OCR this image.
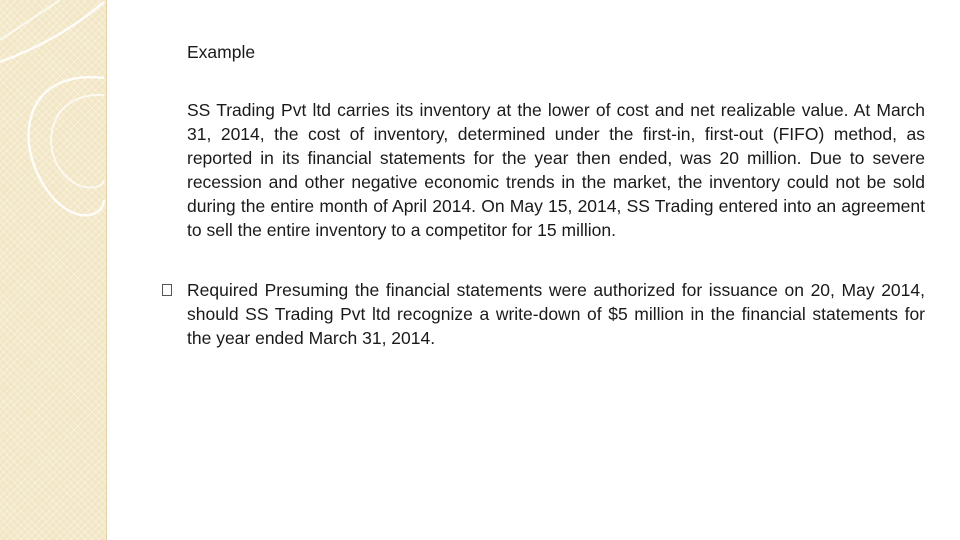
Example

SS Trading Pvt ltd carries its inventory at the lower of cost and net realizable value. At March 31, 2014, the cost of inventory, determined under the first-in, first-out (FIFO) method, as reported in its financial statements for the year then ended, was 20 million. Due to severe recession and other negative economic trends in the market, the inventory could not be sold during the entire month of April 2014. On May 15, 2014, SS Trading entered into an agreement to sell the entire inventory to a competitor for 15 million.

Required Presuming the financial statements were authorized for issuance on 20, May 2014, should SS Trading Pvt ltd recognize a write-down of $5 million in the financial statements for the year ended March 31, 2014.
